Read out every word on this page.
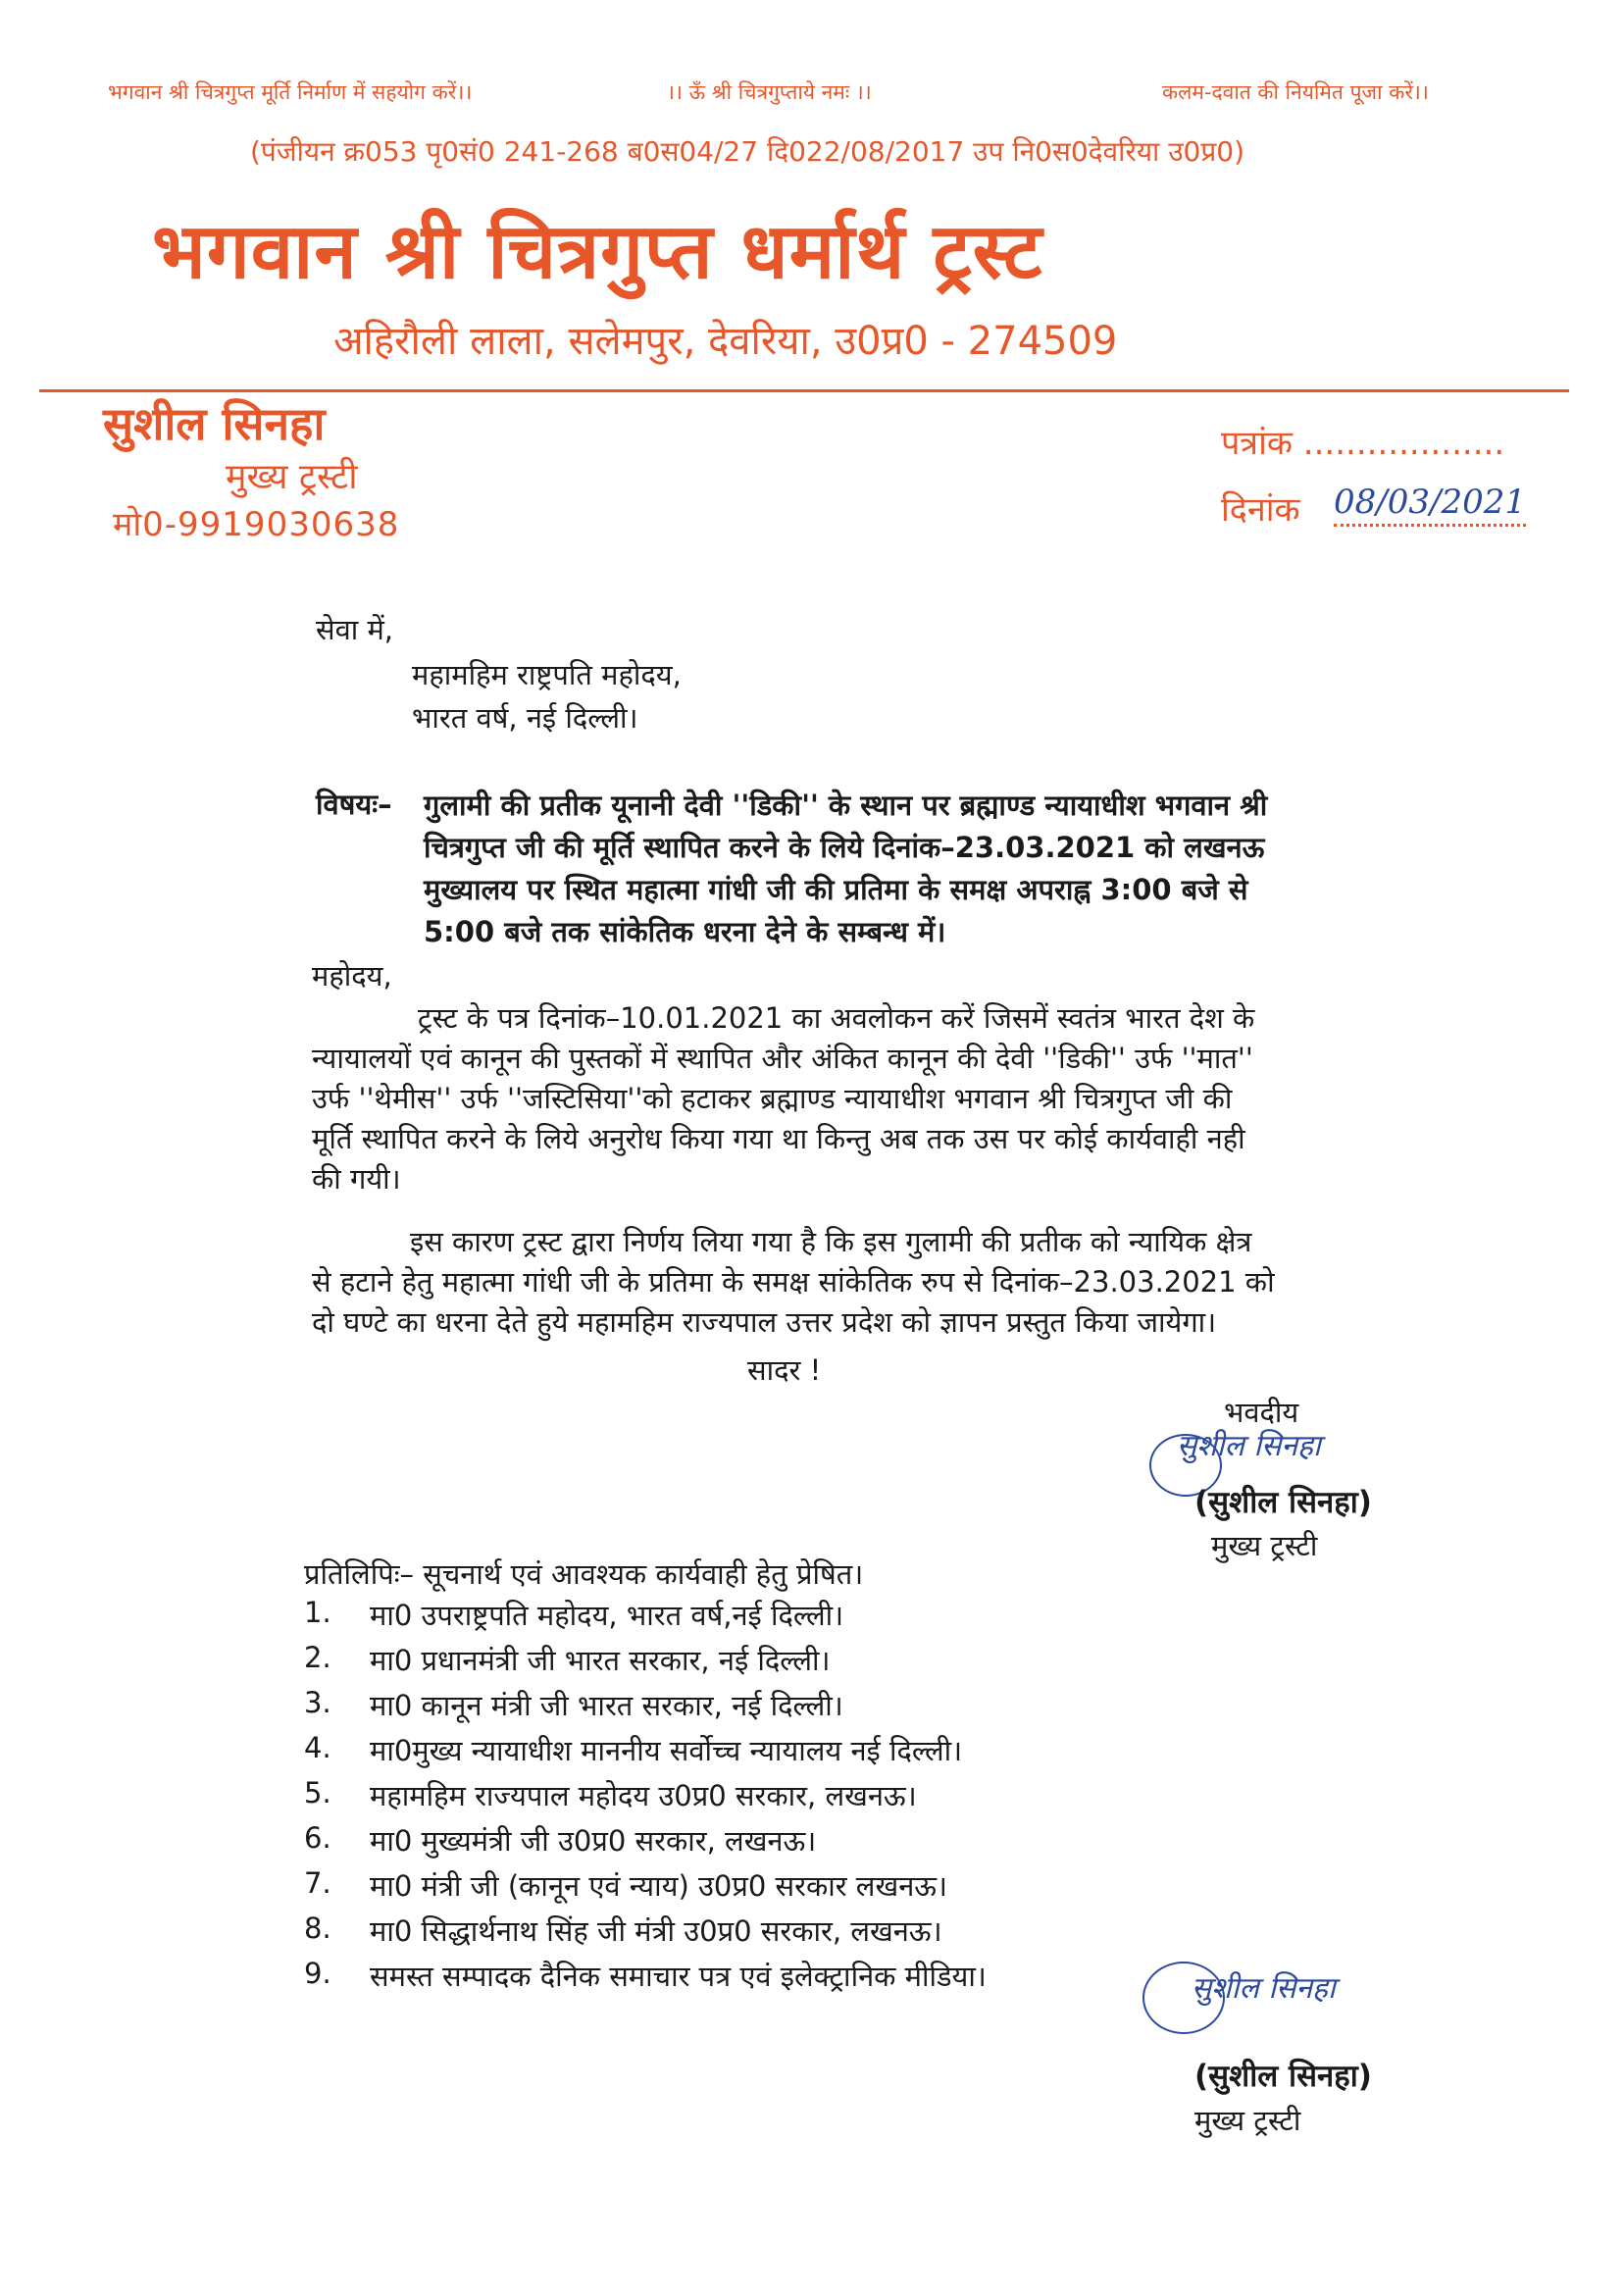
भगवान श्री चित्रगुप्त मूर्ति निर्माण में सहयोग करें।।	।। ऊँ श्री चित्रगुप्ताये नमः ।।	कलम-दवात की नियमित पूजा करें।।
(पंजीयन क्र053 पृ0सं0 241-268 ब0स04/27 दि022/08/2017 उप नि0स0देवरिया उ0प्र0)
भगवान श्री चित्रगुप्त धर्मार्थ ट्रस्ट
अहिरौली लाला, सलेमपुर, देवरिया, उ0प्र0 - 274509
सुशील सिनहा
मुख्य ट्रस्टी
मो0-9919030638
पत्रांक ...................
दिनांक 08/03/2021
सेवा में,
महामहिम राष्ट्रपति महोदय,
भारत वर्ष, नई दिल्ली।
विषयः– गुलामी की प्रतीक यूनानी देवी ''डिकी'' के स्थान पर ब्रह्माण्ड न्यायाधीश भगवान श्री
चित्रगुप्त जी की मूर्ति स्थापित करने के लिये दिनांक–23.03.2021 को लखनऊ
मुख्यालय पर स्थित महात्मा गांधी जी की प्रतिमा के समक्ष अपराह्न 3:00 बजे से
5:00 बजे तक सांकेतिक धरना देने के सम्बन्ध में।
महोदय,
ट्रस्ट के पत्र दिनांक–10.01.2021 का अवलोकन करें जिसमें स्वतंत्र भारत देश के
न्यायालयों एवं कानून की पुस्तकों में स्थापित और अंकित कानून की देवी ''डिकी'' उर्फ ''मात''
उर्फ ''थेमीस'' उर्फ ''जस्टिसिया''को हटाकर ब्रह्माण्ड न्यायाधीश भगवान श्री चित्रगुप्त जी की
मूर्ति स्थापित करने के लिये अनुरोध किया गया था किन्तु अब तक उस पर कोई कार्यवाही नही
की गयी।
इस कारण ट्रस्ट द्वारा निर्णय लिया गया है कि इस गुलामी की प्रतीक को न्यायिक क्षेत्र
से हटाने हेतु महात्मा गांधी जी के प्रतिमा के समक्ष सांकेतिक रुप से दिनांक–23.03.2021 को
दो घण्टे का धरना देते हुये महामहिम राज्यपाल उत्तर प्रदेश को ज्ञापन प्रस्तुत किया जायेगा।
सादर !
भवदीय
सुशील सिनहा
(सुशील सिनहा)
मुख्य ट्रस्टी
प्रतिलिपिः– सूचनार्थ एवं आवश्यक कार्यवाही हेतु प्रेषित।
1.	मा0 उपराष्ट्रपति महोदय, भारत वर्ष,नई दिल्ली।
2.	मा0 प्रधानमंत्री जी भारत सरकार, नई दिल्ली।
3.	मा0 कानून मंत्री जी भारत सरकार, नई दिल्ली।
4.	मा0मुख्य न्यायाधीश माननीय सर्वोच्च न्यायालय नई दिल्ली।
5.	महामहिम राज्यपाल महोदय उ0प्र0 सरकार, लखनऊ।
6.	मा0 मुख्यमंत्री जी उ0प्र0 सरकार, लखनऊ।
7.	मा0 मंत्री जी (कानून एवं न्याय) उ0प्र0 सरकार लखनऊ।
8.	मा0 सिद्धार्थनाथ सिंह जी मंत्री उ0प्र0 सरकार, लखनऊ।
9.	समस्त सम्पादक दैनिक समाचार पत्र एवं इलेक्ट्रानिक मीडिया।	सुशील सिनहा
(सुशील सिनहा)
मुख्य ट्रस्टी
